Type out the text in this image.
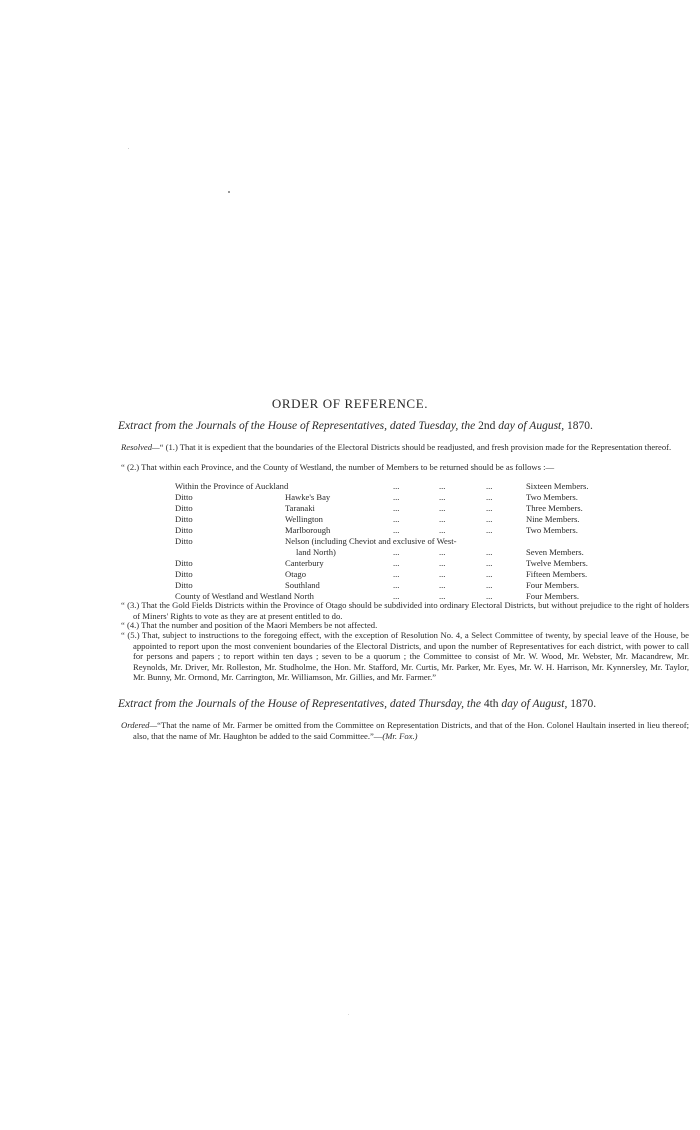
ORDER OF REFERENCE.
Extract from the Journals of the House of Representatives, dated Tuesday, the 2nd day of August, 1870.
Resolved—“ (1.) That it is expedient that the boundaries of the Electoral Districts should be readjusted, and fresh provision made for the Representation thereof.
“ (2.) That within each Province, and the County of Westland, the number of Members to be returned should be as follows :—
Within the Province of Auckland	...	...	...	Sixteen Members.
Ditto	Hawke's Bay	...	...	...	Two Members.
Ditto	Taranaki	...	...	...	Three Members.
Ditto	Wellington	...	...	...	Nine Members.
Ditto	Marlborough	...	...	...	Two Members.
Ditto	Nelson (including Cheviot and exclusive of West-
land North)	...	...	...	Seven Members.
Ditto	Canterbury	...	...	...	Twelve Members.
Ditto	Otago	...	...	...	Fifteen Members.
Ditto	Southland	...	...	...	Four Members.
County of Westland and Westland North	...	...	...	Four Members.
“ (3.) That the Gold Fields Districts within the Province of Otago should be subdivided into ordinary Electoral Districts, but without prejudice to the right of holders of Miners' Rights to vote as they are at present entitled to do.
“ (4.) That the number and position of the Maori Members be not affected.
“ (5.) That, subject to instructions to the foregoing effect, with the exception of Resolution No. 4, a Select Committee of twenty, by special leave of the House, be appointed to report upon the most convenient boundaries of the Electoral Districts, and upon the number of Representatives for each district, with power to call for persons and papers ; to report within ten days ; seven to be a quorum ; the Committee to consist of Mr. W. Wood, Mr. Webster, Mr. Macandrew, Mr. Reynolds, Mr. Driver, Mr. Rolleston, Mr. Studholme, the Hon. Mr. Stafford, Mr. Curtis, Mr. Parker, Mr. Eyes, Mr. W. H. Harrison, Mr. Kynnersley, Mr. Taylor, Mr. Bunny, Mr. Ormond, Mr. Carrington, Mr. Williamson, Mr. Gillies, and Mr. Farmer.”
Extract from the Journals of the House of Representatives, dated Thursday, the 4th day of August, 1870.
Ordered—“That the name of Mr. Farmer be omitted from the Committee on Representation Districts, and that of the Hon. Colonel Haultain inserted in lieu thereof; also, that the name of Mr. Haughton be added to the said Committee.”—(Mr. Fox.)
